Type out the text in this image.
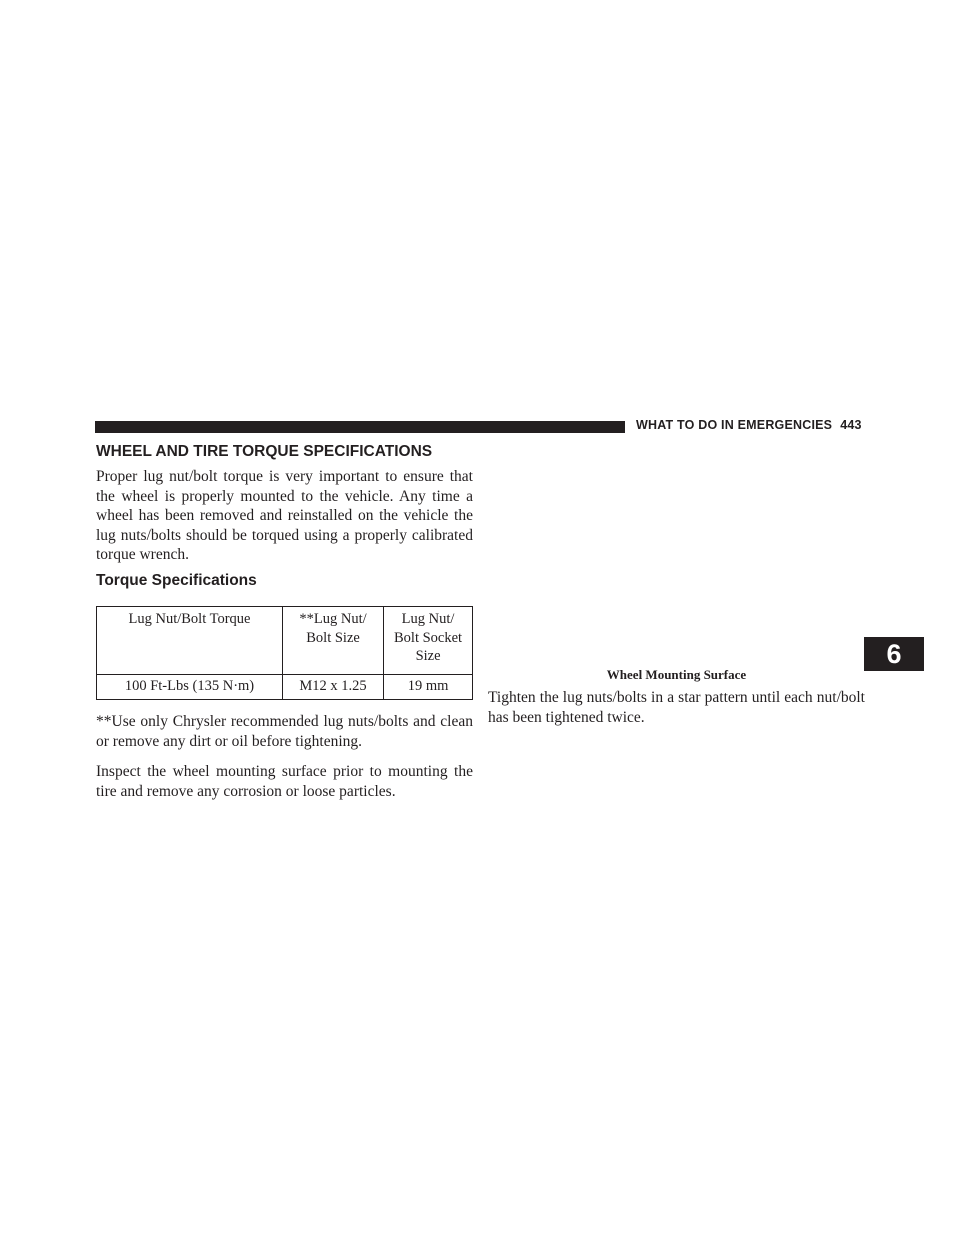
WHAT TO DO IN EMERGENCIES 443
WHEEL AND TIRE TORQUE SPECIFICATIONS

Proper lug nut/bolt torque is very important to ensure that the wheel is properly mounted to the vehicle. Any time a wheel has been removed and reinstalled on the vehicle the lug nuts/bolts should be torqued using a properly calibrated torque wrench.

Torque Specifications
Lug Nut/Bolt Torque	**Lug Nut/ Bolt Size	Lug Nut/ Bolt Socket Size
100 Ft-Lbs (135 N·m)	M12 x 1.25	19 mm

**Use only Chrysler recommended lug nuts/bolts and clean or remove any dirt or oil before tightening.

Inspect the wheel mounting surface prior to mounting the tire and remove any corrosion or loose particles.

Wheel Mounting Surface

Tighten the lug nuts/bolts in a star pattern until each nut/bolt has been tightened twice.

6
